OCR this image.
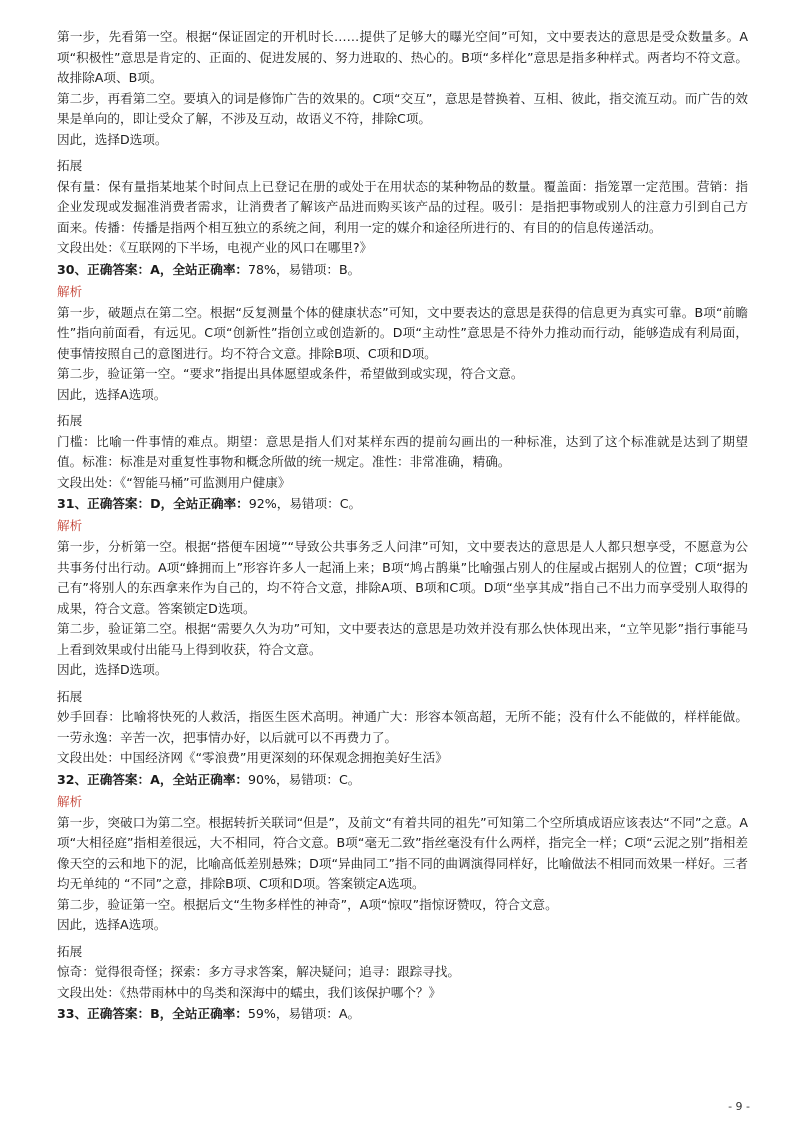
第一步，先看第一空。根据“保证固定的开机时长……提供了足够大的曝光空间”可知，文中要表达的意思是受众数量多。A项“积极性”意思是肯定的、正面的、促进发展的、努力进取的、热心的。B项“多样化”意思是指多种样式。两者均不符文意。故排除A项、B项。

第二步，再看第二空。要填入的词是修饰广告的效果的。C项“交互”，意思是替换着、互相、彼此，指交流互动。而广告的效果是单向的，即让受众了解，不涉及互动，故语义不符，排除C项。

因此，选择D选项。

拓展

保有量：保有量指某地某个时间点上已登记在册的或处于在用状态的某种物品的数量。覆盖面：指笼罩一定范围。营销：指企业发现或发掘准消费者需求，让消费者了解该产品进而购买该产品的过程。吸引：是指把事物或别人的注意力引到自己方面来。传播：传播是指两个相互独立的系统之间，利用一定的媒介和途径所进行的、有目的的信息传递活动。

文段出处：《互联网的下半场，电视产业的风口在哪里?》

30、正确答案：A，全站正确率：78%，易错项：B。

解析

第一步，破题点在第二空。根据“反复测量个体的健康状态”可知，文中要表达的意思是获得的信息更为真实可靠。B项“前瞻性”指向前面看，有远见。C项“创新性”指创立或创造新的。D项“主动性”意思是不待外力推动而行动，能够造成有利局面，使事情按照自己的意图进行。均不符合文意。排除B项、C项和D项。

第二步，验证第一空。“要求”指提出具体愿望或条件，希望做到或实现，符合文意。

因此，选择A选项。

拓展

门槛：比喻一件事情的难点。期望：意思是指人们对某样东西的提前勾画出的一种标准，达到了这个标准就是达到了期望值。标准：标准是对重复性事物和概念所做的统一规定。准性：非常准确，精确。

文段出处：《“智能马桶”可监测用户健康》

31、正确答案：D，全站正确率：92%，易错项：C。

解析

第一步，分析第一空。根据“搭便车困境”“导致公共事务乏人问津”可知，文中要表达的意思是人人都只想享受，不愿意为公共事务付出行动。A项“蜂拥而上”形容许多人一起涌上来；B项“鸠占鹊巢”比喻强占别人的住屋或占据别人的位置；C项“据为己有”将别人的东西拿来作为自己的，均不符合文意，排除A项、B项和C项。D项“坐享其成”指自己不出力而享受别人取得的成果，符合文意。答案锁定D选项。

第二步，验证第二空。根据“需要久久为功”可知，文中要表达的意思是功效并没有那么快体现出来，“立竿见影”指行事能马上看到效果或付出能马上得到收获，符合文意。

因此，选择D选项。

拓展

妙手回春：比喻将快死的人救活，指医生医术高明。神通广大：形容本领高超，无所不能；没有什么不能做的，样样能做。一劳永逸：辛苦一次，把事情办好，以后就可以不再费力了。

文段出处：中国经济网《“零浪费”用更深刻的环保观念拥抱美好生活》

32、正确答案：A，全站正确率：90%，易错项：C。

解析

第一步，突破口为第二空。根据转折关联词“但是”，及前文“有着共同的祖先”可知第二个空所填成语应该表达“不同”之意。A项“大相径庭”指相差很远，大不相同，符合文意。B项“毫无二致”指丝毫没有什么两样，指完全一样；C项“云泥之别”指相差像天空的云和地下的泥，比喻高低差别悬殊；D项“异曲同工”指不同的曲调演得同样好，比喻做法不相同而效果一样好。三者均无单纯的 “不同”之意，排除B项、C项和D项。答案锁定A选项。

第二步，验证第一空。根据后文“生物多样性的神奇”，A项“惊叹”指惊讶赞叹，符合文意。

因此，选择A选项。

拓展

惊奇：觉得很奇怪；探索：多方寻求答案，解决疑问；追寻：跟踪寻找。

文段出处：《热带雨林中的鸟类和深海中的蠕虫，我们该保护哪个？》

33、正确答案：B，全站正确率：59%，易错项：A。

- 9 -
